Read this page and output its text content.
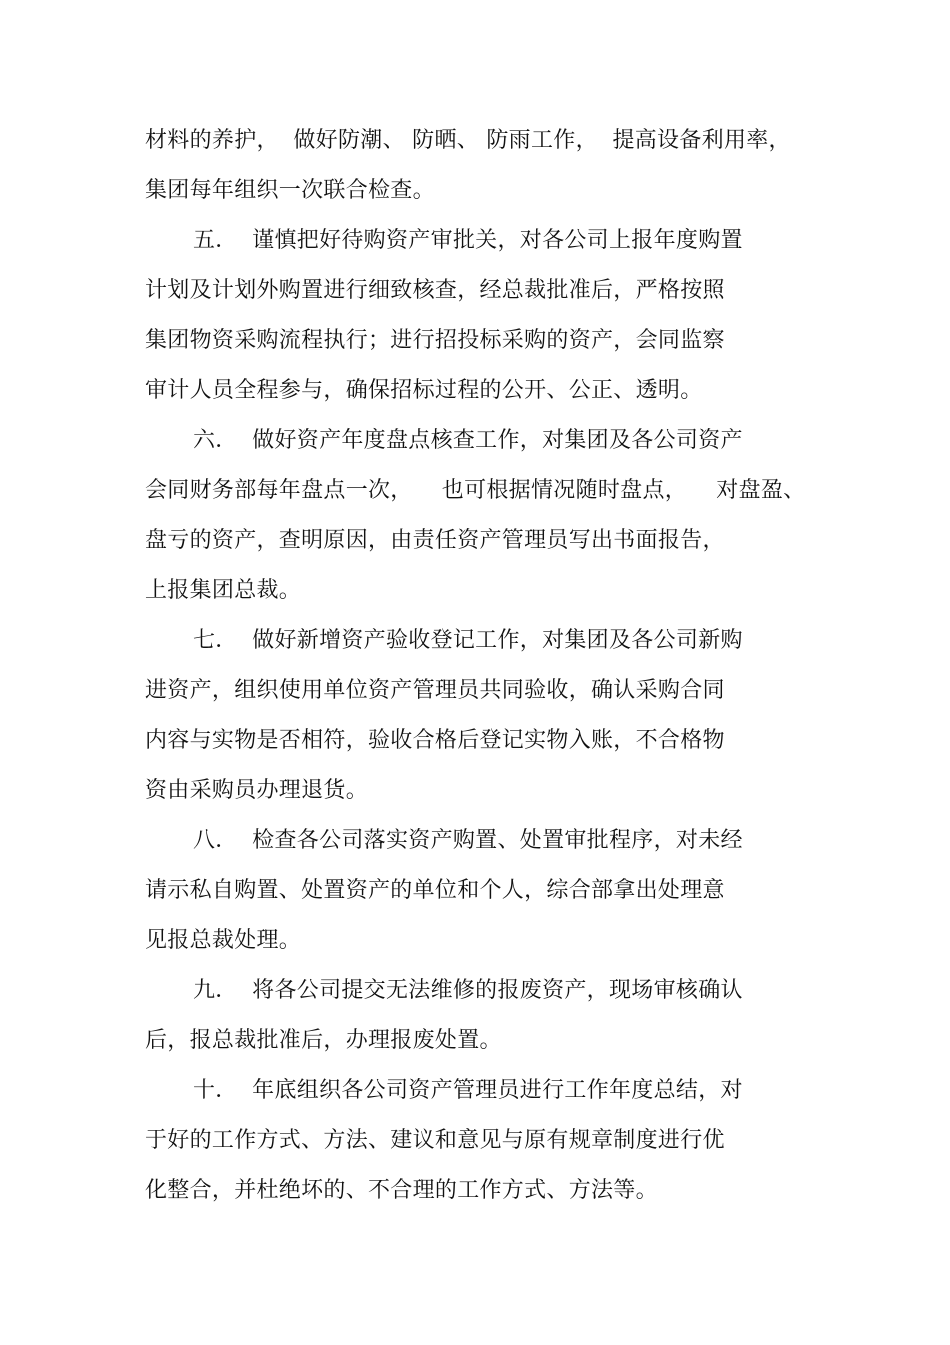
材料的养护，  做好防潮、 防晒、 防雨工作，  提高设备利用率，
集团每年组织一次联合检查。
五．  谨慎把好待购资产审批关，对各公司上报年度购置
计划及计划外购置进行细致核查，经总裁批准后，严格按照
集团物资采购流程执行；进行招投标采购的资产，会同监察
审计人员全程参与，确保招标过程的公开、公正、透明。
六．  做好资产年度盘点核查工作，对集团及各公司资产
会同财务部每年盘点一次，    也可根据情况随时盘点，    对盘盈、
盘亏的资产，查明原因，由责任资产管理员写出书面报告，
上报集团总裁。
七．  做好新增资产验收登记工作，对集团及各公司新购
进资产，组织使用单位资产管理员共同验收，确认采购合同
内容与实物是否相符，验收合格后登记实物入账，不合格物
资由采购员办理退货。
八．  检查各公司落实资产购置、处置审批程序，对未经
请示私自购置、处置资产的单位和个人，综合部拿出处理意
见报总裁处理。
九．  将各公司提交无法维修的报废资产，现场审核确认
后，报总裁批准后，办理报废处置。
十．  年底组织各公司资产管理员进行工作年度总结，对
于好的工作方式、方法、建议和意见与原有规章制度进行优
化整合，并杜绝坏的、不合理的工作方式、方法等。
